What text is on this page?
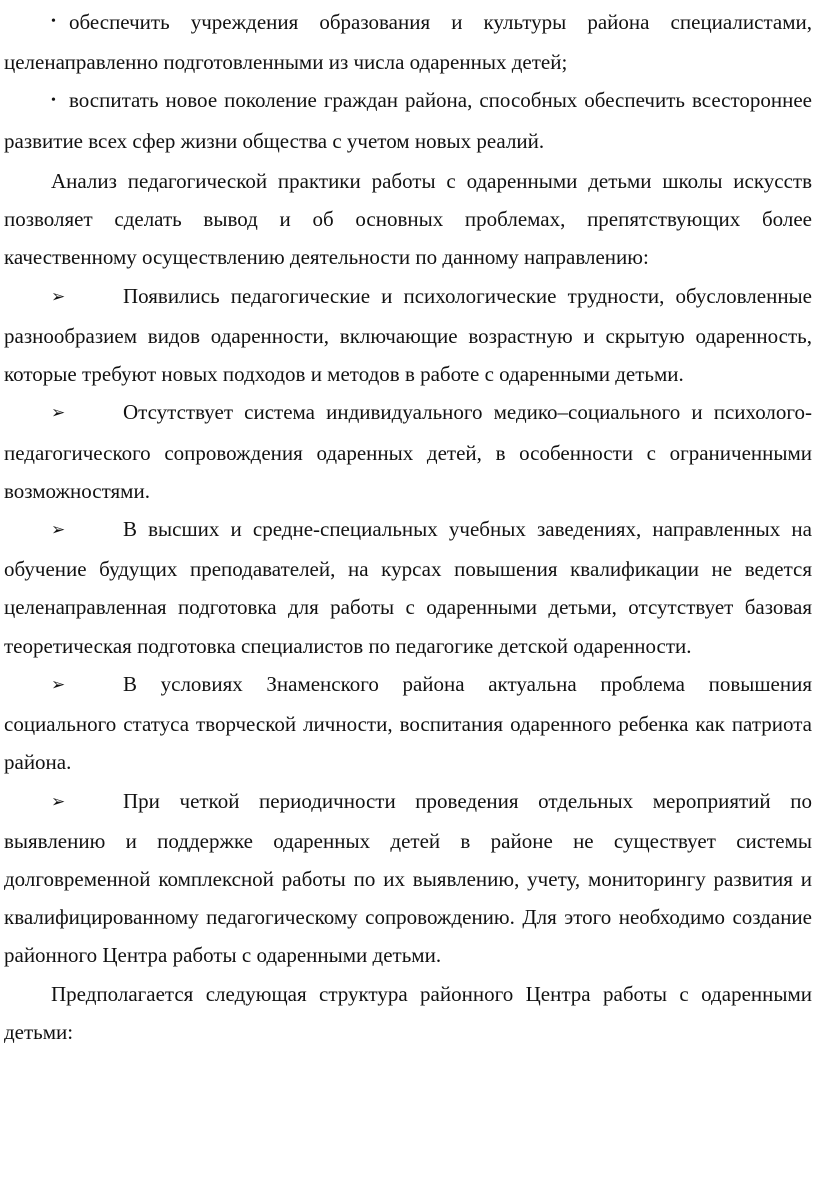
• обеспечить учреждения образования и культуры района специалистами, целенаправленно подготовленными из числа одаренных детей;

• воспитать новое поколение граждан района, способных обеспечить всестороннее развитие всех сфер жизни общества с учетом новых реалий.

Анализ педагогической практики работы с одаренными детьми школы искусств позволяет сделать вывод и об основных проблемах, препятствующих более качественному осуществлению деятельности по данному направлению:

➢	Появились педагогические и психологические трудности, обусловленные разнообразием видов одаренности, включающие возрастную и скрытую одаренность, которые требуют новых подходов и методов в работе с одаренными детьми.

➢	Отсутствует система индивидуального медико–социального и психолого-педагогического сопровождения одаренных детей, в особенности с ограниченными возможностями.

➢	В высших и средне-специальных учебных заведениях, направленных на обучение будущих преподавателей, на курсах повышения квалификации не ведется целенаправленная подготовка для работы с одаренными детьми, отсутствует базовая теоретическая подготовка специалистов по педагогике детской одаренности.

➢	В условиях Знаменского района актуальна проблема повышения социального статуса творческой личности, воспитания одаренного ребенка как патриота района.

➢	При четкой периодичности проведения отдельных мероприятий по выявлению и поддержке одаренных детей в районе не существует системы долговременной комплексной работы по их выявлению, учету, мониторингу развития и квалифицированному педагогическому сопровождению. Для этого необходимо создание районного Центра работы с одаренными детьми.

Предполагается следующая структура районного Центра работы с одаренными детьми:
